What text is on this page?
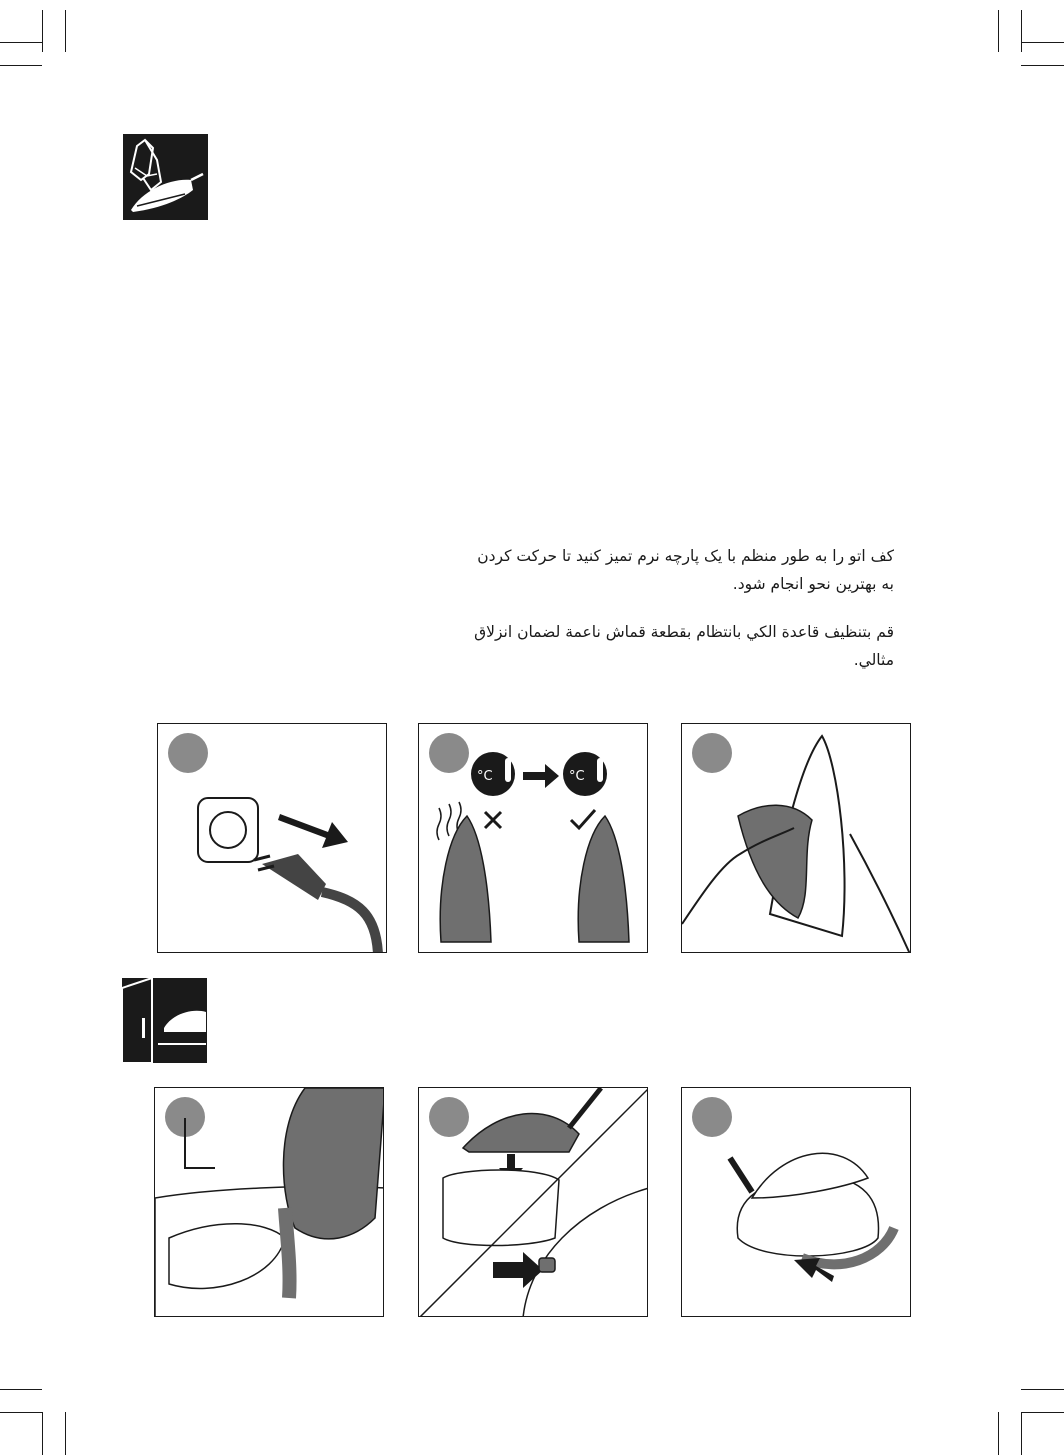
کف اتو را به طور منظم با یک پارچه نرم تمیز کنید تا حرکت کردن به بهترین نحو انجام شود.

قم بتنظيف قاعدة الكي بانتظام بقطعة قماش ناعمة لضمان انزلاق مثالي.

°C	°C
